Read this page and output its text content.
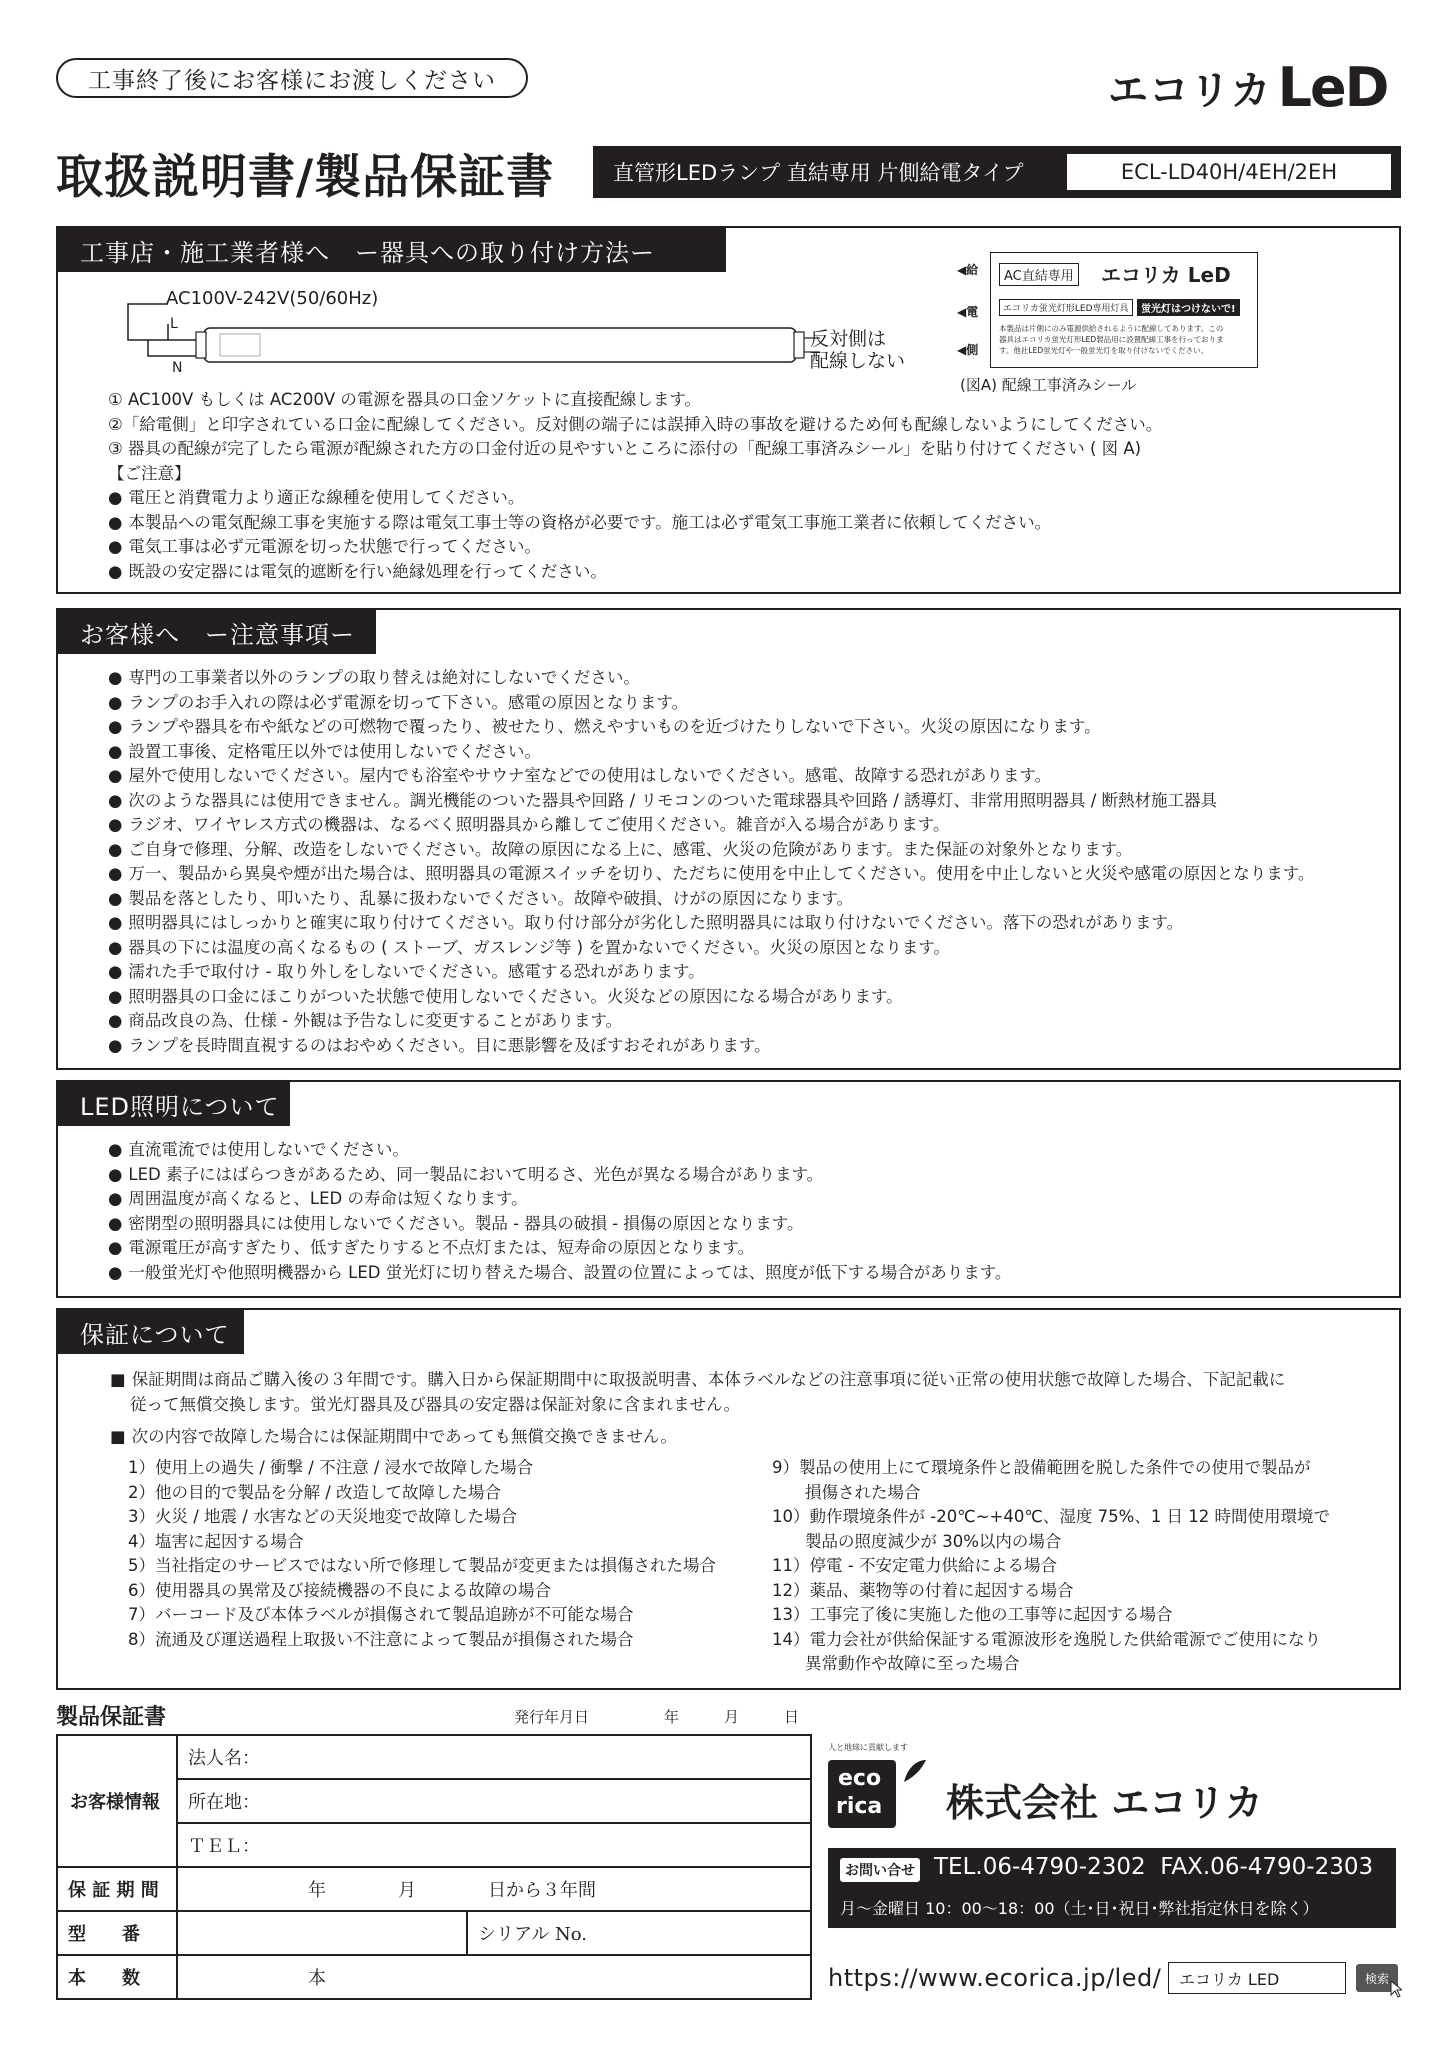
工事終了後にお客様にお渡しください	エコリカ LeD
取扱説明書/製品保証書	直管形LEDランプ 直結専用 片側給電タイプ	ECL-LD40H/4EH/2EH
工事店・施工業者様へ　ー器具への取り付け方法ー
AC100V-242V(50/60Hz)
L
N
反対側は
配線しない
◀給
◀電
◀側
AC直結専用 エコリカ LeD
エコリカ蛍光灯形LED専用灯具	蛍光灯はつけないで!
本製品は片側にのみ電源供給されるように配線してあります。この
器具はエコリカ蛍光灯形LED製品用に設置配線工事を行っておりま
す。他社LED蛍光灯や一般蛍光灯を取り付けないでください。
(図A) 配線工事済みシール
① AC100V もしくは AC200V の電源を器具の口金ソケットに直接配線します。
②「給電側」と印字されている口金に配線してください。反対側の端子には誤挿入時の事故を避けるため何も配線しないようにしてください。
③ 器具の配線が完了したら電源が配線された方の口金付近の見やすいところに添付の「配線工事済みシール」を貼り付けてください ( 図 A)
【ご注意】
● 電圧と消費電力より適正な線種を使用してください。
● 本製品への電気配線工事を実施する際は電気工事士等の資格が必要です。施工は必ず電気工事施工業者に依頼してください。
● 電気工事は必ず元電源を切った状態で行ってください。
● 既設の安定器には電気的遮断を行い絶縁処理を行ってください。
お客様へ　ー注意事項ー
● 専門の工事業者以外のランプの取り替えは絶対にしないでください。
● ランプのお手入れの際は必ず電源を切って下さい。感電の原因となります。
● ランプや器具を布や紙などの可燃物で覆ったり、被せたり、燃えやすいものを近づけたりしないで下さい。火災の原因になります。
● 設置工事後、定格電圧以外では使用しないでください。
● 屋外で使用しないでください。屋内でも浴室やサウナ室などでの使用はしないでください。感電、故障する恐れがあります。
● 次のような器具には使用できません。調光機能のついた器具や回路 / リモコンのついた電球器具や回路 / 誘導灯、非常用照明器具 / 断熱材施工器具
● ラジオ、ワイヤレス方式の機器は、なるべく照明器具から離してご使用ください。雑音が入る場合があります。
● ご自身で修理、分解、改造をしないでください。故障の原因になる上に、感電、火災の危険があります。また保証の対象外となります。
● 万一、製品から異臭や煙が出た場合は、照明器具の電源スイッチを切り、ただちに使用を中止してください。使用を中止しないと火災や感電の原因となります。
● 製品を落としたり、叩いたり、乱暴に扱わないでください。故障や破損、けがの原因になります。
● 照明器具にはしっかりと確実に取り付けてください。取り付け部分が劣化した照明器具には取り付けないでください。落下の恐れがあります。
● 器具の下には温度の高くなるもの ( ストーブ、ガスレンジ等 ) を置かないでください。火災の原因となります。
● 濡れた手で取付け - 取り外しをしないでください。感電する恐れがあります。
● 照明器具の口金にほこりがついた状態で使用しないでください。火災などの原因になる場合があります。
● 商品改良の為、仕様 - 外観は予告なしに変更することがあります。
● ランプを長時間直視するのはおやめください。目に悪影響を及ぼすおそれがあります。
LED照明について
● 直流電流では使用しないでください。
● LED 素子にはばらつきがあるため、同一製品において明るさ、光色が異なる場合があります。
● 周囲温度が高くなると、LED の寿命は短くなります。
● 密閉型の照明器具には使用しないでください。製品 - 器具の破損 - 損傷の原因となります。
● 電源電圧が高すぎたり、低すぎたりすると不点灯または、短寿命の原因となります。
● 一般蛍光灯や他照明機器から LED 蛍光灯に切り替えた場合、設置の位置によっては、照度が低下する場合があります。
保証について
■ 保証期間は商品ご購入後の３年間です。購入日から保証期間中に取扱説明書、本体ラベルなどの注意事項に従い正常の使用状態で故障した場合、下記記載に
従って無償交換します。蛍光灯器具及び器具の安定器は保証対象に含まれません。
■ 次の内容で故障した場合には保証期間中であっても無償交換できません。
1）使用上の過失 / 衝撃 / 不注意 / 浸水で故障した場合
2）他の目的で製品を分解 / 改造して故障した場合
3）火災 / 地震 / 水害などの天災地変で故障した場合
4）塩害に起因する場合
5）当社指定のサービスではない所で修理して製品が変更または損傷された場合
6）使用器具の異常及び接続機器の不良による故障の場合
7）バーコード及び本体ラベルが損傷されて製品追跡が不可能な場合
8）流通及び運送過程上取扱い不注意によって製品が損傷された場合
9）製品の使用上にて環境条件と設備範囲を脱した条件での使用で製品が
　　損傷された場合
10）動作環境条件が -20℃~+40℃、湿度 75%、1 日 12 時間使用環境で
　　製品の照度減少が 30%以内の場合
11）停電 - 不安定電力供給による場合
12）薬品、薬物等の付着に起因する場合
13）工事完了後に実施した他の工事等に起因する場合
14）電力会社が供給保証する電源波形を逸脱した供給電源でご使用になり
　　異常動作や故障に至った場合
製品保証書	発行年月日　　　　　年　　　月　　　日
お客様情報	法人名：	
	所在地：	
	ＴＥＬ：	
保 証 期 間	年　　　　月　　　　日から３年間	
型　　番		シリアル No.
本　　数	本	
人と地球に貢献します
eco
rica 株式会社 エコリカ
お問い合せ TEL.06-4790-2302  FAX.06-4790-2303
月～金曜日 10：00～18：00（土･日･祝日･弊社指定休日を除く）
https://www.ecorica.jp/led/	エコリカ LED	検索
